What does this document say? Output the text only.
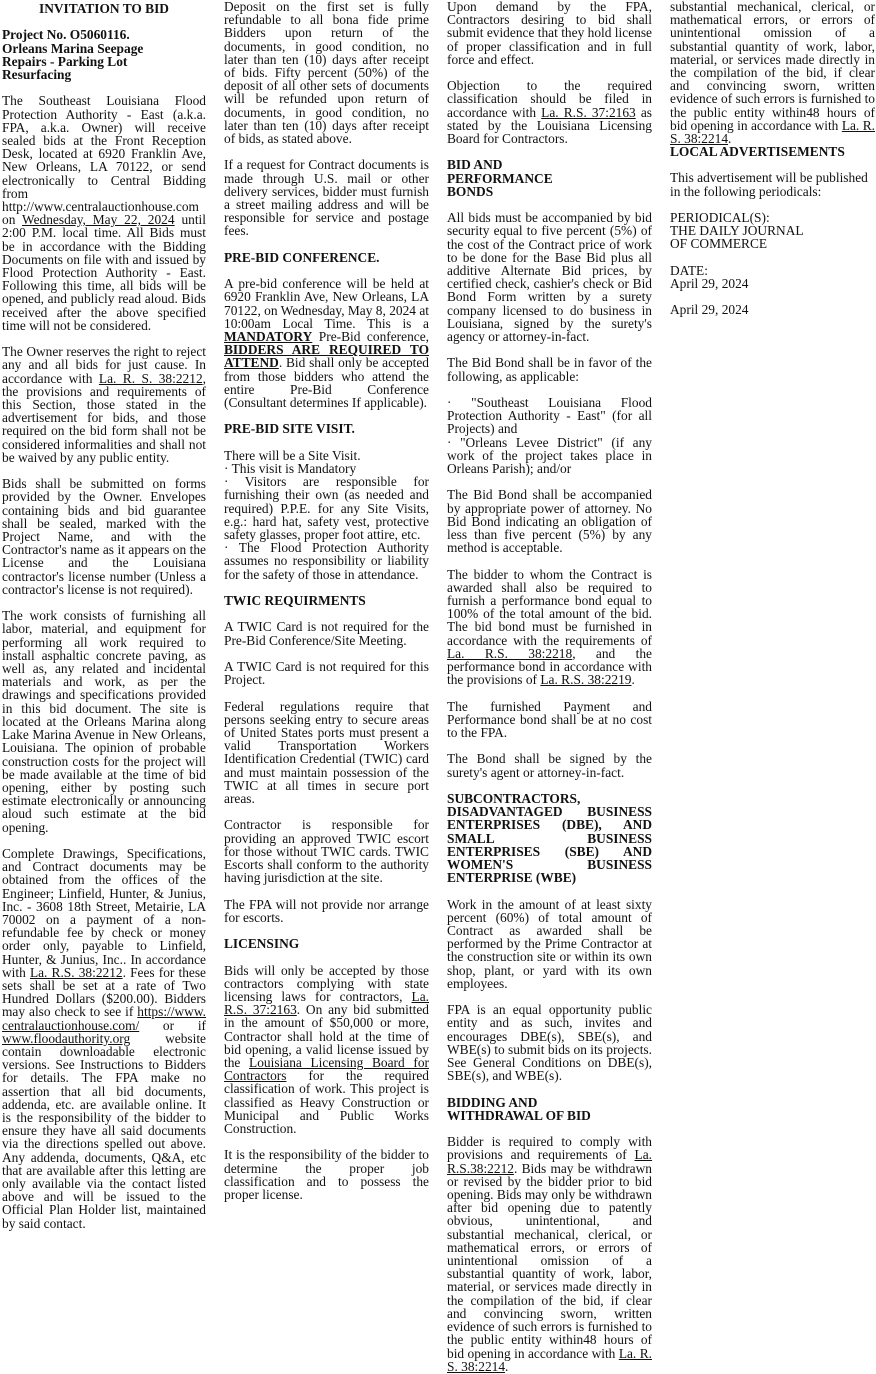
INVITATION TO BID
Project No. O5060116.
Orleans Marina Seepage
Repairs - Parking Lot
Resurfacing

The Southeast Louisiana Flood Protection Authority - East (a.k.a. FPA, a.k.a. Owner) will receive sealed bids at the Front Reception Desk, located at 6920 Franklin Ave, New Orleans, LA 70122, or send electronically to Central Bidding from http://www.centralauctionhouse.com on Wednesday, May 22, 2024 until 2:00 P.M. local time. All Bids must be in accordance with the Bidding Documents on file with and issued by Flood Protection Authority - East. Following this time, all bids will be opened, and publicly read aloud. Bids received after the above specified time will not be considered.

The Owner reserves the right to reject any and all bids for just cause. In accordance with La. R. S. 38:2212, the provisions and requirements of this Section, those stated in the advertisement for bids, and those required on the bid form shall not be considered informalities and shall not be waived by any public entity.

Bids shall be submitted on forms provided by the Owner. Envelopes containing bids and bid guarantee shall be sealed, marked with the Project Name, and with the Contractor's name as it appears on the License and the Louisiana contractor's license number (Unless a contractor's license is not required).

The work consists of furnishing all labor, material, and equipment for performing all work required to install asphaltic concrete paving, as well as, any related and incidental materials and work, as per the drawings and specifications provided in this bid document. The site is located at the Orleans Marina along Lake Marina Avenue in New Orleans, Louisiana. The opinion of probable construction costs for the project will be made available at the time of bid opening, either by posting such estimate electronically or announcing aloud such estimate at the bid opening.

Complete Drawings, Specifications, and Contract documents may be obtained from the offices of the Engineer; Linfield, Hunter, & Junius, Inc. - 3608 18th Street, Metairie, LA 70002 on a payment of a non-refundable fee by check or money order only, payable to Linfield, Hunter, & Junius, Inc.. In accordance with La. R.S. 38:2212. Fees for these sets shall be set at a rate of Two Hundred Dollars ($200.00). Bidders may also check to see if https://www.centralauctionhouse.com/ or if www.floodauthority.org website contain downloadable electronic versions. See Instructions to Bidders for details. The FPA make no assertion that all bid documents, addenda, etc. are available online. It is the responsibility of the bidder to ensure they have all said documents via the directions spelled out above. Any addenda, documents, Q&A, etc that are available after this letting are only available via the contact listed above and will be issued to the Official Plan Holder list, maintained by said contact.

Deposit on the first set is fully refundable to all bona fide prime Bidders upon return of the documents, in good condition, no later than ten (10) days after receipt of bids. Fifty percent (50%) of the deposit of all other sets of documents will be refunded upon return of documents, in good condition, no later than ten (10) days after receipt of bids, as stated above.

If a request for Contract documents is made through U.S. mail or other delivery services, bidder must furnish a street mailing address and will be responsible for service and postage fees.

PRE-BID CONFERENCE.

A pre-bid conference will be held at 6920 Franklin Ave, New Orleans, LA 70122, on Wednesday, May 8, 2024 at 10:00am Local Time. This is a MANDATORY Pre-Bid conference, BIDDERS ARE REQUIRED TO ATTEND. Bid shall only be accepted from those bidders who attend the entire Pre-Bid Conference (Consultant determines If applicable).

PRE-BID SITE VISIT.

There will be a Site Visit.
· This visit is Mandatory
· Visitors are responsible for furnishing their own (as needed and required) P.P.E. for any Site Visits, e.g.: hard hat, safety vest, protective safety glasses, proper foot attire, etc.
· The Flood Protection Authority assumes no responsibility or liability for the safety of those in attendance.

TWIC REQUIRMENTS

A TWIC Card is not required for the Pre-Bid Conference/Site Meeting.

A TWIC Card is not required for this Project.

Federal regulations require that persons seeking entry to secure areas of United States ports must present a valid Transportation Workers Identification Credential (TWIC) card and must maintain possession of the TWIC at all times in secure port areas.

Contractor is responsible for providing an approved TWIC escort for those without TWIC cards. TWIC Escorts shall conform to the authority having jurisdiction at the site.

The FPA will not provide nor arrange for escorts.

LICENSING

Bids will only be accepted by those contractors complying with state licensing laws for contractors, La. R.S. 37:2163. On any bid submitted in the amount of $50,000 or more, Contractor shall hold at the time of bid opening, a valid license issued by the Louisiana Licensing Board for Contractors for the required classification of work. This project is classified as Heavy Construction or Municipal and Public Works Construction.

It is the responsibility of the bidder to determine the proper job classification and to possess the proper license.

Upon demand by the FPA, Contractors desiring to bid shall submit evidence that they hold license of proper classification and in full force and effect.

Objection to the required classification should be filed in accordance with La. R.S. 37:2163 as stated by the Louisiana Licensing Board for Contractors.

BID AND PERFORMANCE BONDS

All bids must be accompanied by bid security equal to five percent (5%) of the cost of the Contract price of work to be done for the Base Bid plus all additive Alternate Bid prices, by certified check, cashier's check or Bid Bond Form written by a surety company licensed to do business in Louisiana, signed by the surety's agency or attorney-in-fact.

The Bid Bond shall be in favor of the following, as applicable:

· "Southeast Louisiana Flood Protection Authority - East" (for all Projects) and
· "Orleans Levee District" (if any work of the project takes place in Orleans Parish); and/or

The Bid Bond shall be accompanied by appropriate power of attorney. No Bid Bond indicating an obligation of less than five percent (5%) by any method is acceptable.

The bidder to whom the Contract is awarded shall also be required to furnish a performance bond equal to 100% of the total amount of the bid. The bid bond must be furnished in accordance with the requirements of La. R.S. 38:2218, and the performance bond in accordance with the provisions of La. R.S. 38:2219.

The furnished Payment and Performance bond shall be at no cost to the FPA.

The Bond shall be signed by the surety's agent or attorney-in-fact.

SUBCONTRACTORS, DISADVANTAGED BUSINESS ENTERPRISES (DBE), AND SMALL BUSINESS ENTERPRISES (SBE) AND WOMEN'S BUSINESS ENTERPRISE (WBE)

Work in the amount of at least sixty percent (60%) of total amount of Contract as awarded shall be performed by the Prime Contractor at the construction site or within its own shop, plant, or yard with its own employees.

FPA is an equal opportunity public entity and as such, invites and encourages DBE(s), SBE(s), and WBE(s) to submit bids on its projects. See General Conditions on DBE(s), SBE(s), and WBE(s).

BIDDING AND WITHDRAWAL OF BID

Bidder is required to comply with provisions and requirements of La. R.S.38:2212. Bids may be withdrawn or revised by the bidder prior to bid opening. Bids may only be withdrawn after bid opening due to patently obvious, unintentional, and substantial mechanical, clerical, or mathematical errors, or errors of unintentional omission of a substantial quantity of work, labor, material, or services made directly in the compilation of the bid, if clear and convincing sworn, written evidence of such errors is furnished to the public entity within48 hours of bid opening in accordance with La. R. S. 38:2214.

substantial mechanical, clerical, or mathematical errors, or errors of unintentional omission of a substantial quantity of work, labor, material, or services made directly in the compilation of the bid, if clear and convincing sworn, written evidence of such errors is furnished to the public entity within48 hours of bid opening in accordance with La. R. S. 38:2214.

LOCAL ADVERTISEMENTS

This advertisement will be published in the following periodicals:

PERIODICAL(S):
THE DAILY JOURNAL
OF COMMERCE

DATE:
April 29, 2024

April 29, 2024
